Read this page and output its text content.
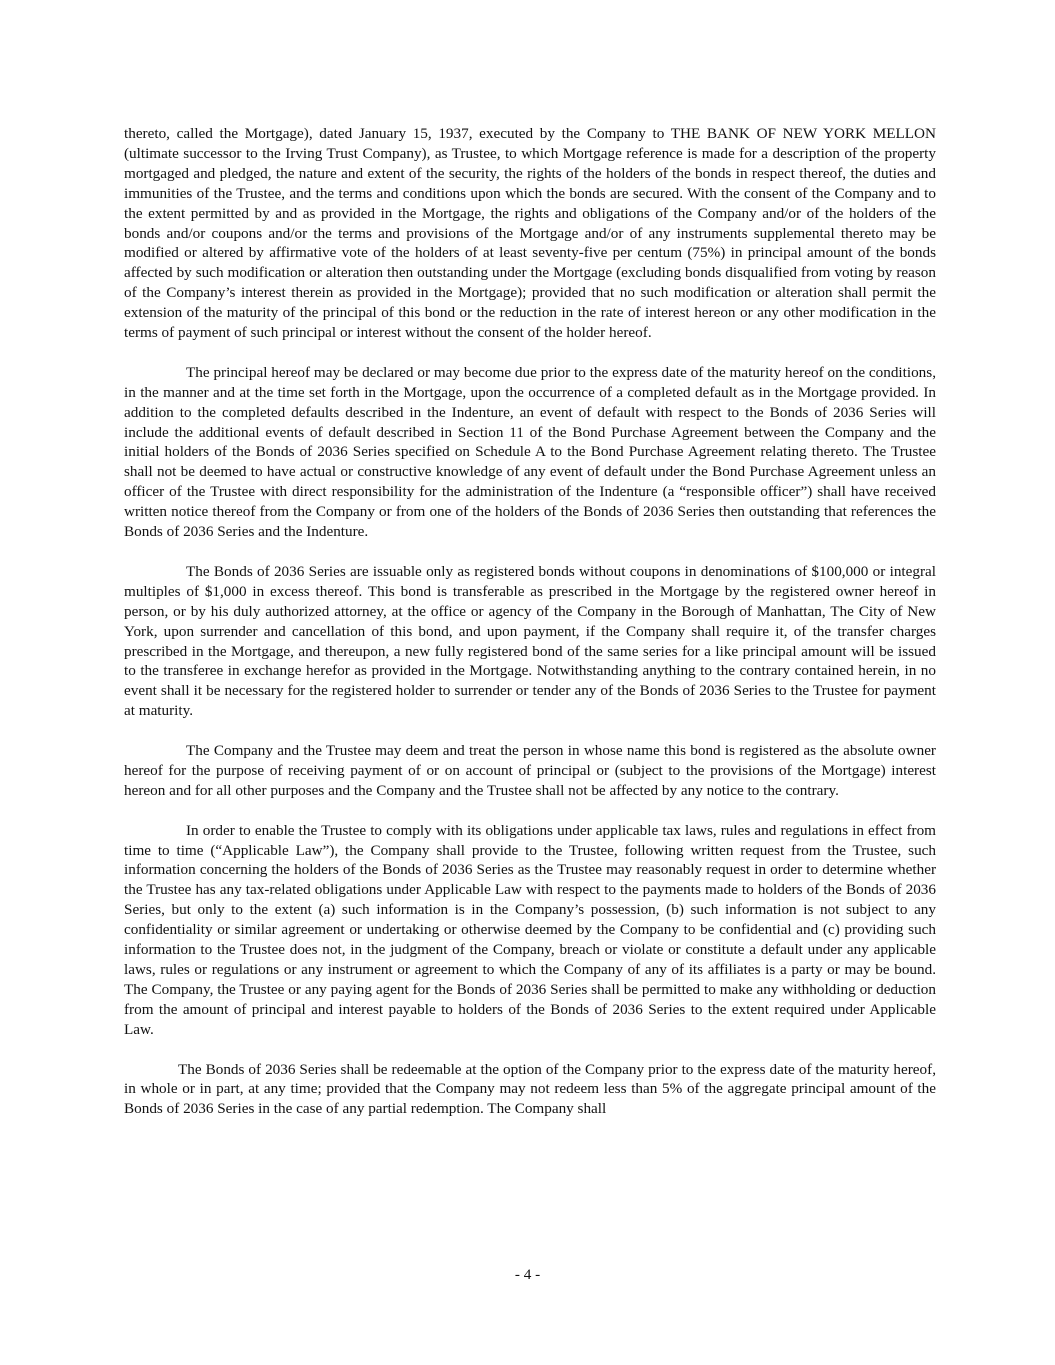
thereto, called the Mortgage), dated January 15, 1937, executed by the Company to THE BANK OF NEW YORK MELLON (ultimate successor to the Irving Trust Company), as Trustee, to which Mortgage reference is made for a description of the property mortgaged and pledged, the nature and extent of the security, the rights of the holders of the bonds in respect thereof, the duties and immunities of the Trustee, and the terms and conditions upon which the bonds are secured. With the consent of the Company and to the extent permitted by and as provided in the Mortgage, the rights and obligations of the Company and/or of the holders of the bonds and/or coupons and/or the terms and provisions of the Mortgage and/or of any instruments supplemental thereto may be modified or altered by affirmative vote of the holders of at least seventy-five per centum (75%) in principal amount of the bonds affected by such modification or alteration then outstanding under the Mortgage (excluding bonds disqualified from voting by reason of the Company’s interest therein as provided in the Mortgage); provided that no such modification or alteration shall permit the extension of the maturity of the principal of this bond or the reduction in the rate of interest hereon or any other modification in the terms of payment of such principal or interest without the consent of the holder hereof.

The principal hereof may be declared or may become due prior to the express date of the maturity hereof on the conditions, in the manner and at the time set forth in the Mortgage, upon the occurrence of a completed default as in the Mortgage provided. In addition to the completed defaults described in the Indenture, an event of default with respect to the Bonds of 2036 Series will include the additional events of default described in Section 11 of the Bond Purchase Agreement between the Company and the initial holders of the Bonds of 2036 Series specified on Schedule A to the Bond Purchase Agreement relating thereto. The Trustee shall not be deemed to have actual or constructive knowledge of any event of default under the Bond Purchase Agreement unless an officer of the Trustee with direct responsibility for the administration of the Indenture (a “responsible officer”) shall have received written notice thereof from the Company or from one of the holders of the Bonds of 2036 Series then outstanding that references the Bonds of 2036 Series and the Indenture.

The Bonds of 2036 Series are issuable only as registered bonds without coupons in denominations of $100,000 or integral multiples of $1,000 in excess thereof. This bond is transferable as prescribed in the Mortgage by the registered owner hereof in person, or by his duly authorized attorney, at the office or agency of the Company in the Borough of Manhattan, The City of New York, upon surrender and cancellation of this bond, and upon payment, if the Company shall require it, of the transfer charges prescribed in the Mortgage, and thereupon, a new fully registered bond of the same series for a like principal amount will be issued to the transferee in exchange herefor as provided in the Mortgage. Notwithstanding anything to the contrary contained herein, in no event shall it be necessary for the registered holder to surrender or tender any of the Bonds of 2036 Series to the Trustee for payment at maturity.

The Company and the Trustee may deem and treat the person in whose name this bond is registered as the absolute owner hereof for the purpose of receiving payment of or on account of principal or (subject to the provisions of the Mortgage) interest hereon and for all other purposes and the Company and the Trustee shall not be affected by any notice to the contrary.

In order to enable the Trustee to comply with its obligations under applicable tax laws, rules and regulations in effect from time to time (“Applicable Law”), the Company shall provide to the Trustee, following written request from the Trustee, such information concerning the holders of the Bonds of 2036 Series as the Trustee may reasonably request in order to determine whether the Trustee has any tax-related obligations under Applicable Law with respect to the payments made to holders of the Bonds of 2036 Series, but only to the extent (a) such information is in the Company’s possession, (b) such information is not subject to any confidentiality or similar agreement or undertaking or otherwise deemed by the Company to be confidential and (c) providing such information to the Trustee does not, in the judgment of the Company, breach or violate or constitute a default under any applicable laws, rules or regulations or any instrument or agreement to which the Company of any of its affiliates is a party or may be bound. The Company, the Trustee or any paying agent for the Bonds of 2036 Series shall be permitted to make any withholding or deduction from the amount of principal and interest payable to holders of the Bonds of 2036 Series to the extent required under Applicable Law.

The Bonds of 2036 Series shall be redeemable at the option of the Company prior to the express date of the maturity hereof, in whole or in part, at any time; provided that the Company may not redeem less than 5% of the aggregate principal amount of the Bonds of 2036 Series in the case of any partial redemption. The Company shall

- 4 -
